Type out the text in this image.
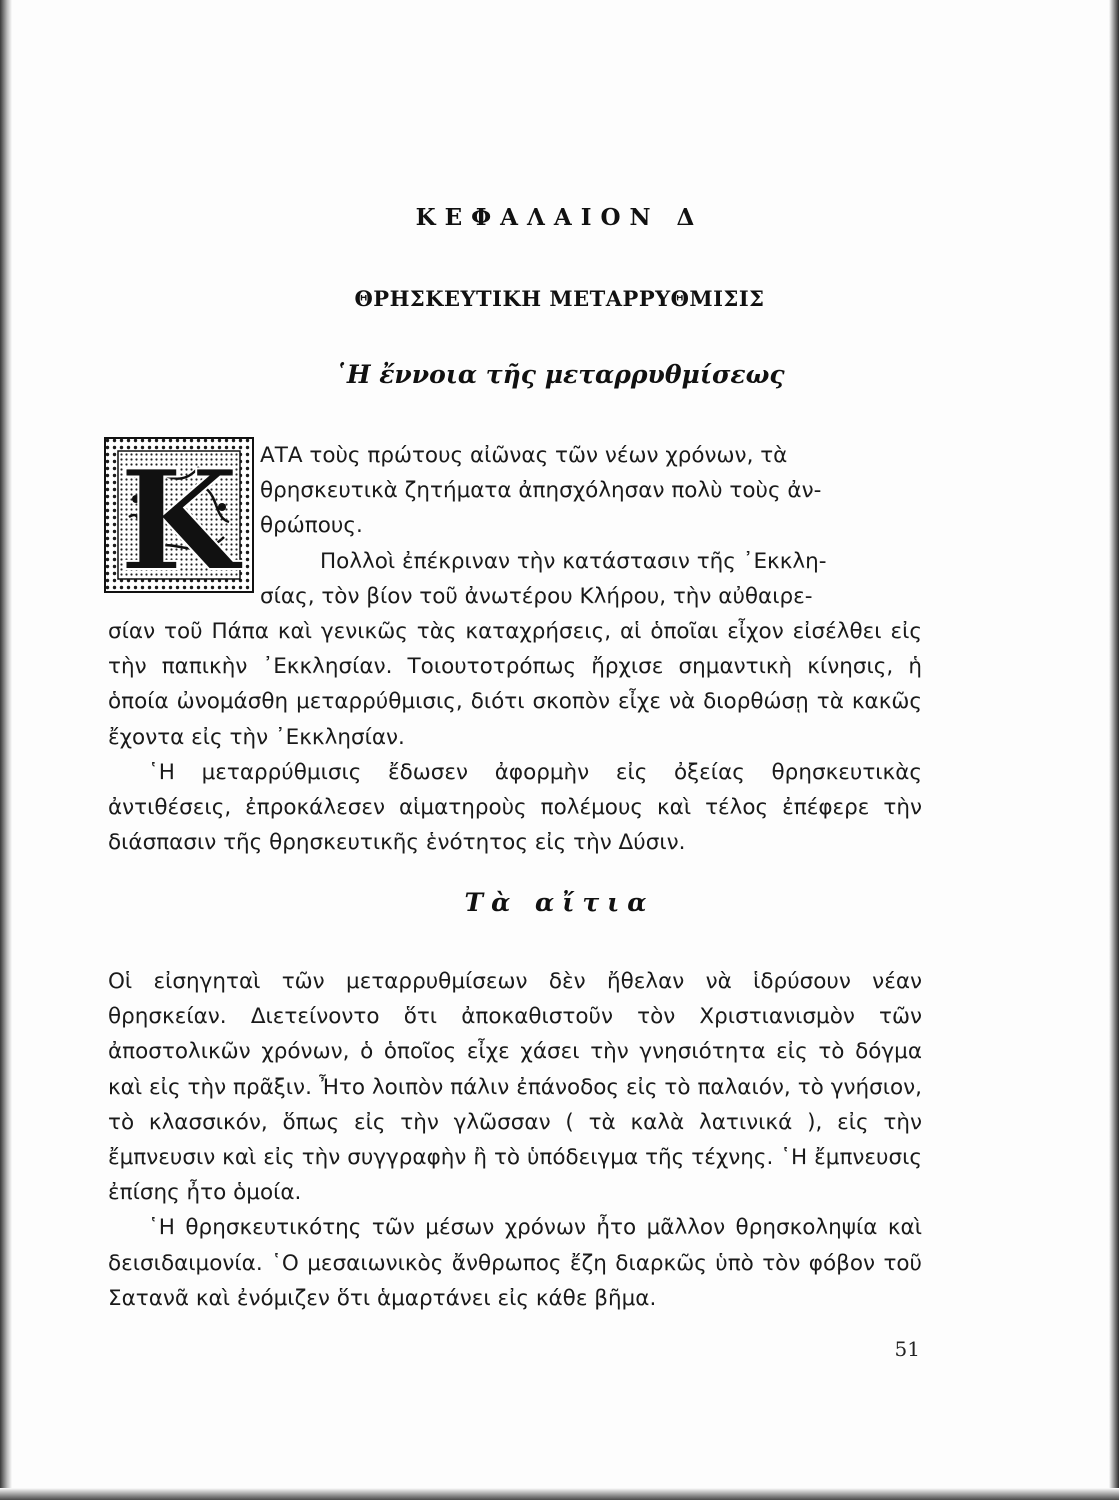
ΚΕΦΑΛΑΙΟΝ Δ
ΘΡΗΣΚΕΥΤΙΚΗ ΜΕΤΑΡΡΥΘΜΙΣΙΣ
῾Η ἔννοια τῆς μεταρρυθμίσεως
Κ ΑΤΑ τοὺς πρώτους αἰῶνας τῶν νέων χρόνων, τὰ
θρησκευτικὰ ζητήματα ἀπησχόλησαν πολὺ τοὺς ἀν-
θρώπους.
Πολλοὶ ἐπέκριναν τὴν κατάστασιν τῆς ᾿Εκκλη-
σίας, τὸν βίον τοῦ ἀνωτέρου Κλήρου, τὴν αὐθαιρε-

σίαν τοῦ Πάπα καὶ γενικῶς τὰς καταχρήσεις, αἱ ὁποῖαι εἶχον εἰσέλθει εἰς τὴν παπικὴν ᾿Εκκλησίαν. Τοιουτοτρόπως ἤρχισε σημαντικὴ κίνησις, ἡ ὁποία ὠνομάσθη μεταρρύθμισις, διότι σκοπὸν εἶχε νὰ διορθώσῃ τὰ κακῶς ἔχοντα εἰς τὴν ᾿Εκκλησίαν.

῾Η μεταρρύθμισις ἔδωσεν ἀφορμὴν εἰς ὀξείας θρησκευτικὰς ἀντιθέσεις, ἐπροκάλεσεν αἱματηροὺς πολέμους καὶ τέλος ἐπέφερε τὴν διάσπασιν τῆς θρησκευτικῆς ἑνότητος εἰς τὴν Δύσιν.

Τὰ αἴτια

Οἱ εἰσηγηταὶ τῶν μεταρρυθμίσεων δὲν ἤθελαν νὰ ἱδρύσουν νέαν θρησκείαν. Διετείνοντο ὅτι ἀποκαθιστοῦν τὸν Χριστιανισμὸν τῶν ἀποστολικῶν χρόνων, ὁ ὁποῖος εἶχε χάσει τὴν γνησιότητα εἰς τὸ δόγμα καὶ εἰς τὴν πρᾶξιν. Ἦτο λοιπὸν πάλιν ἐπάνοδος εἰς τὸ παλαιόν, τὸ γνήσιον, τὸ κλασσικόν, ὅπως εἰς τὴν γλῶσσαν ( τὰ καλὰ λατινικά ), εἰς τὴν ἔμπνευσιν καὶ εἰς τὴν συγγραφὴν ἢ τὸ ὑπόδειγμα τῆς τέχνης. ῾Η ἔμπνευσις ἐπίσης ἦτο ὁμοία.

῾Η θρησκευτικότης τῶν μέσων χρόνων ἦτο μᾶλλον θρησκοληψία καὶ δεισιδαιμονία. ῾Ο μεσαιωνικὸς ἄνθρωπος ἔζη διαρκῶς ὑπὸ τὸν φόβον τοῦ Σατανᾶ καὶ ἐνόμιζεν ὅτι ἁμαρτάνει εἰς κάθε βῆμα.

51
